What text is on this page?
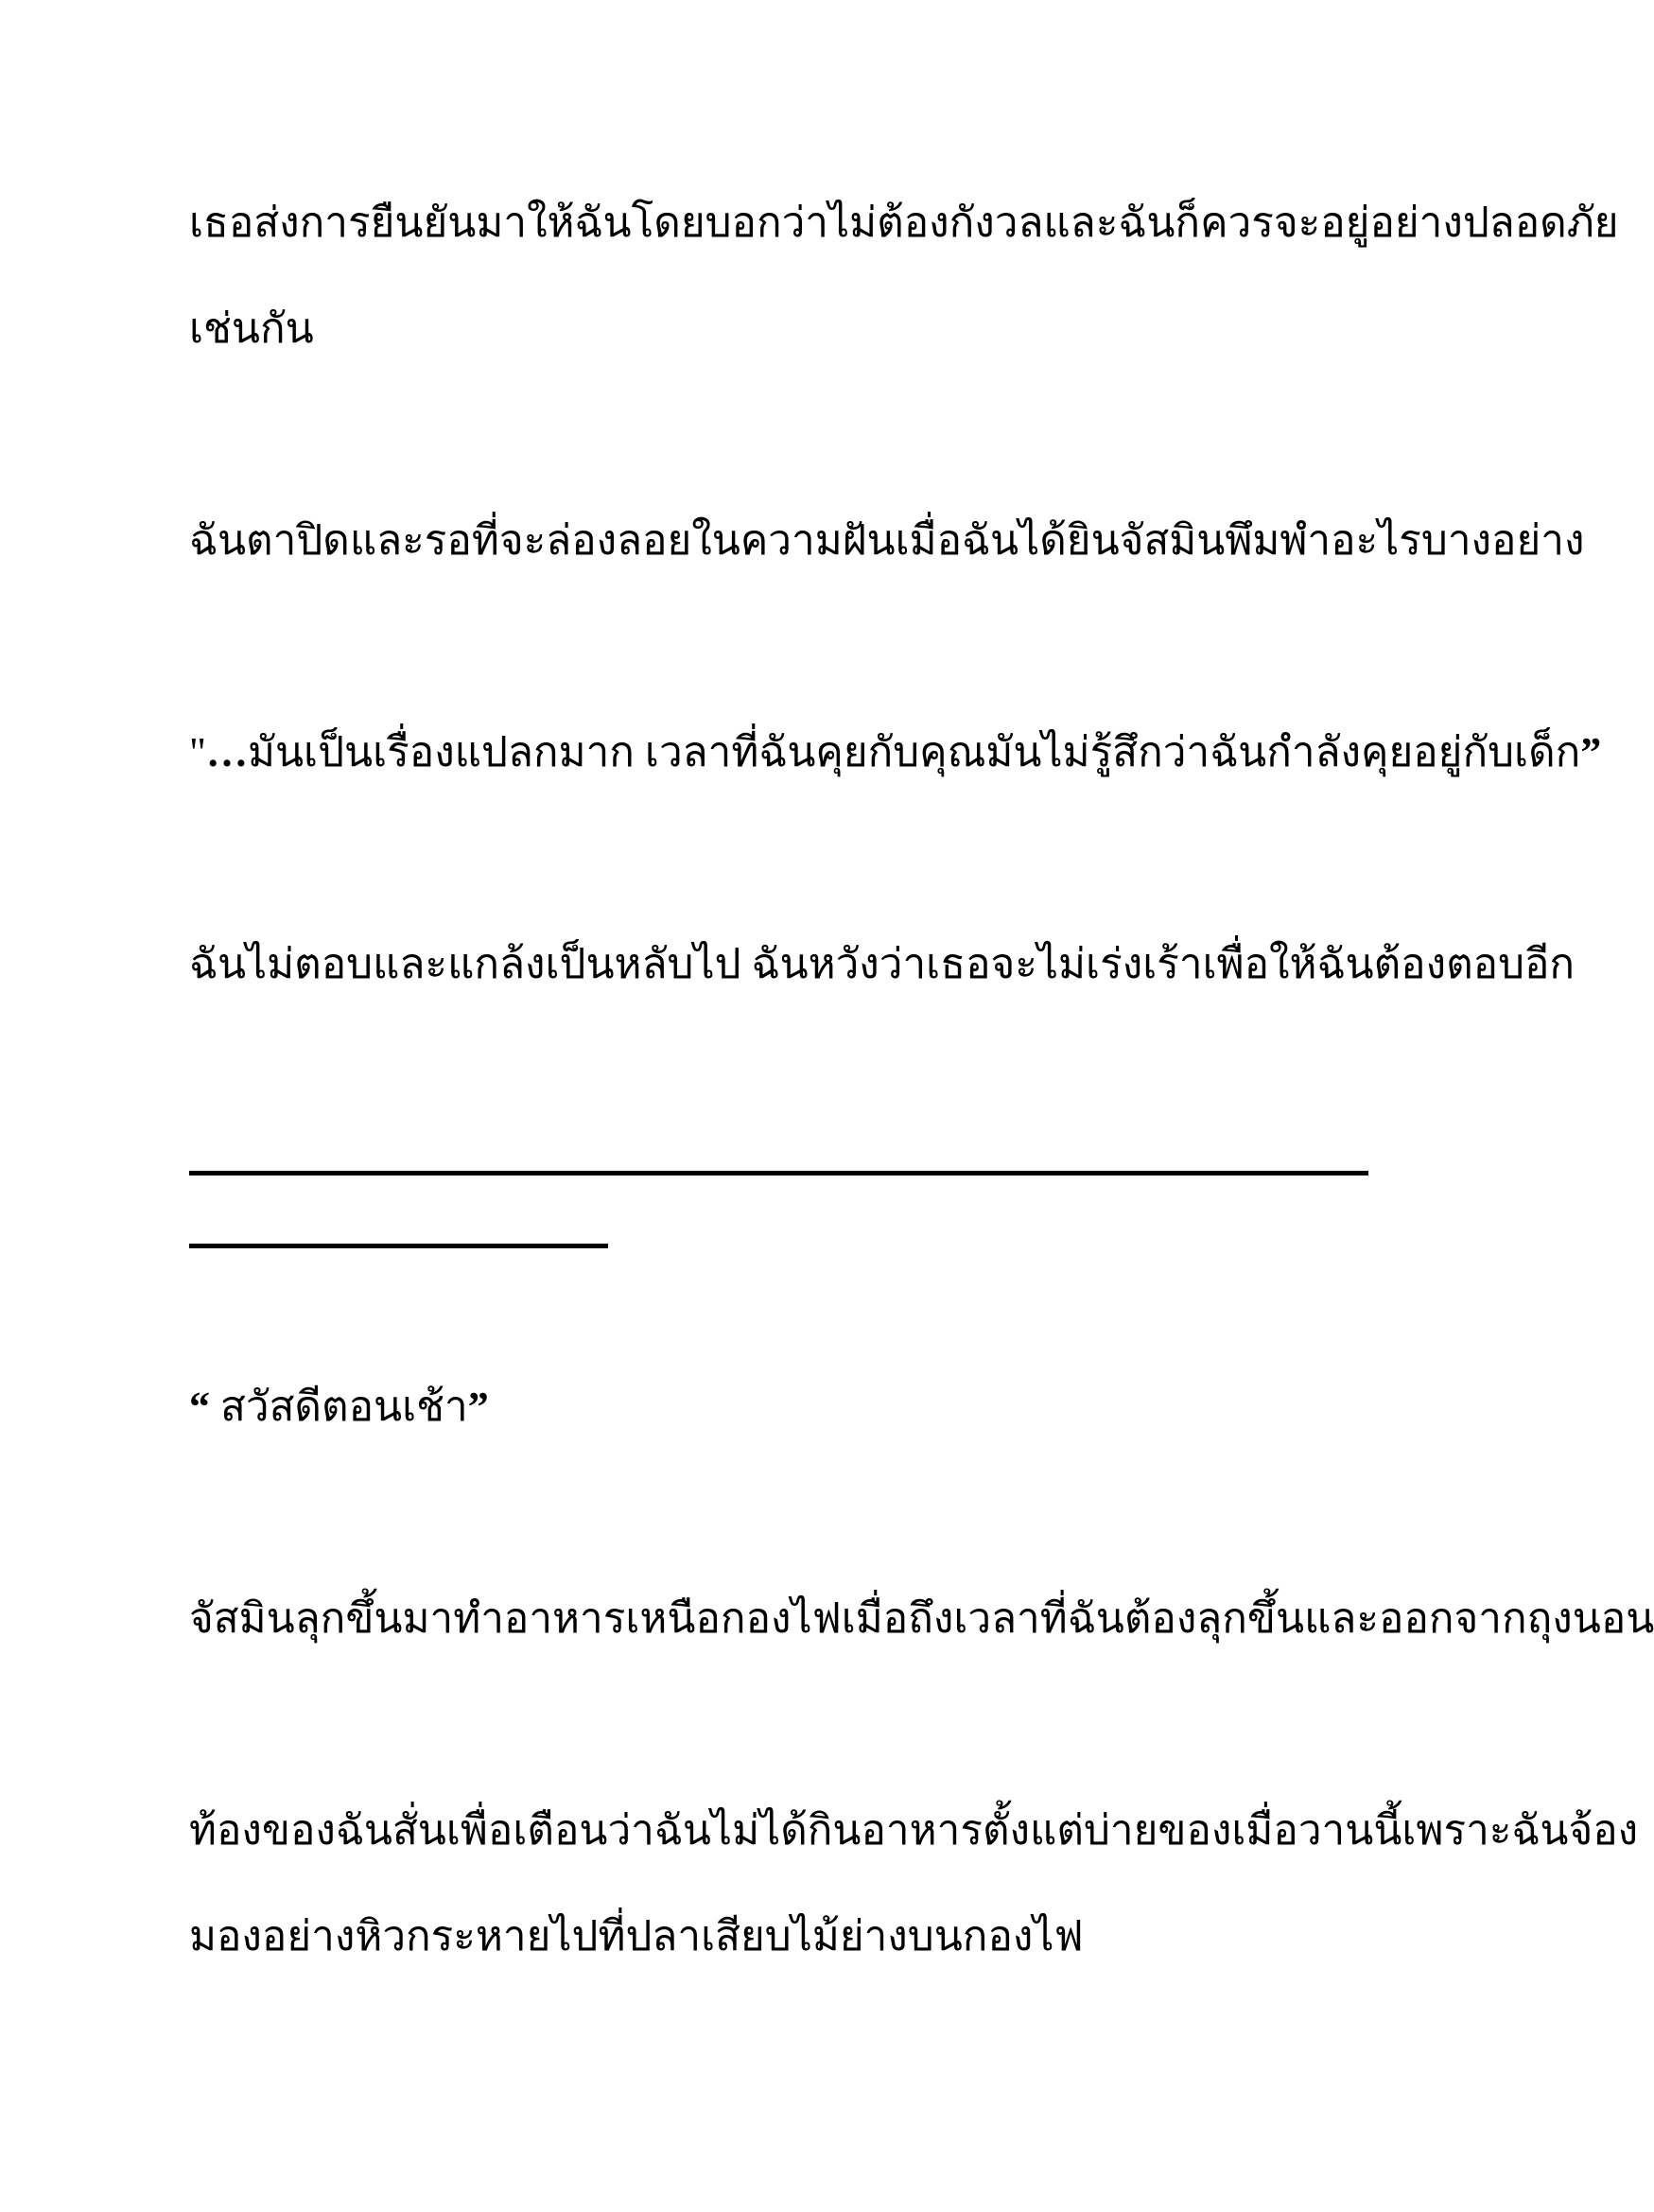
เธอส่งการยืนยันมาให้ฉันโดยบอกว่าไม่ต้องกังวลและฉันก็ควรจะอยู่อย่างปลอดภัย
เช่นกัน

ฉันตาปิดและรอที่จะล่องลอยในความฝันเมื่อฉันได้ยินจัสมินพึมพำอะไรบางอย่าง

"…มันเป็นเรื่องแปลกมาก เวลาที่ฉันคุยกับคุณมันไม่รู้สึกว่าฉันกำลังคุยอยู่กับเด็ก”

ฉันไม่ตอบและแกล้งเป็นหลับไป ฉันหวังว่าเธอจะไม่เร่งเร้าเพื่อให้ฉันต้องตอบอีก

“ สวัสดีตอนเช้า”

จัสมินลุกขึ้นมาทำอาหารเหนือกองไฟเมื่อถึงเวลาที่ฉันต้องลุกขึ้นและออกจากถุงนอน

ท้องของฉันสั่นเพื่อเตือนว่าฉันไม่ได้กินอาหารตั้งแต่บ่ายของเมื่อวานนี้เพราะฉันจ้อง
มองอย่างหิวกระหายไปที่ปลาเสียบไม้ย่างบนกองไฟ
